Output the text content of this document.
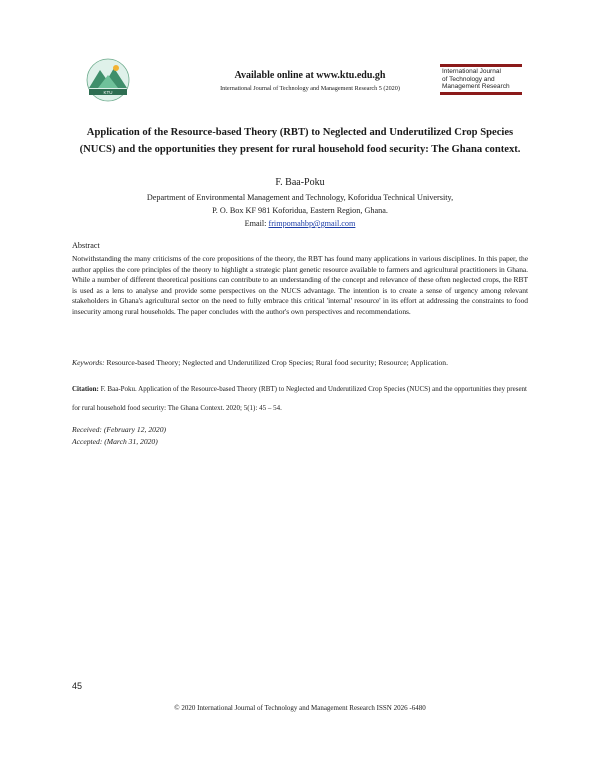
KTU
Available online at www.ktu.edu.gh
International Journal of Technology and Management Research 5 (2020)
International Journal
of Technology and
Management Research
Application of the Resource-based Theory (RBT) to Neglected and Underutilized Crop Species (NUCS) and the opportunities they present for rural household food security: The Ghana context.
F. Baa-Poku
Department of Environmental Management and Technology, Koforidua Technical University,
P. O. Box KF 981 Koforidua, Eastern Region, Ghana.
Email: frimpomahbp@gmail.com
Abstract
Notwithstanding the many criticisms of the core propositions of the theory, the RBT has found many applications in various disciplines. In this paper, the author applies the core principles of the theory to highlight a strategic plant genetic resource available to farmers and agricultural practitioners in Ghana. While a number of different theoretical positions can contribute to an understanding of the concept and relevance of these often neglected crops, the RBT is used as a lens to analyse and provide some perspectives on the NUCS advantage. The intention is to create a sense of urgency among relevant stakeholders in Ghana's agricultural sector on the need to fully embrace this critical 'internal' resource' in its effort at addressing the constraints to food insecurity among rural households. The paper concludes with the author's own perspectives and recommendations.
Keywords: Resource-based Theory; Neglected and Underutilized Crop Species; Rural food security; Resource; Application.
Citation: F. Baa-Poku. Application of the Resource-based Theory (RBT) to Neglected and Underutilized Crop Species (NUCS) and the opportunities they present for rural household food security: The Ghana Context. 2020; 5(1): 45 – 54.
Received: (February 12, 2020)
Accepted: (March 31, 2020)
45
© 2020 International Journal of Technology and Management Research ISSN 2026 -6480
